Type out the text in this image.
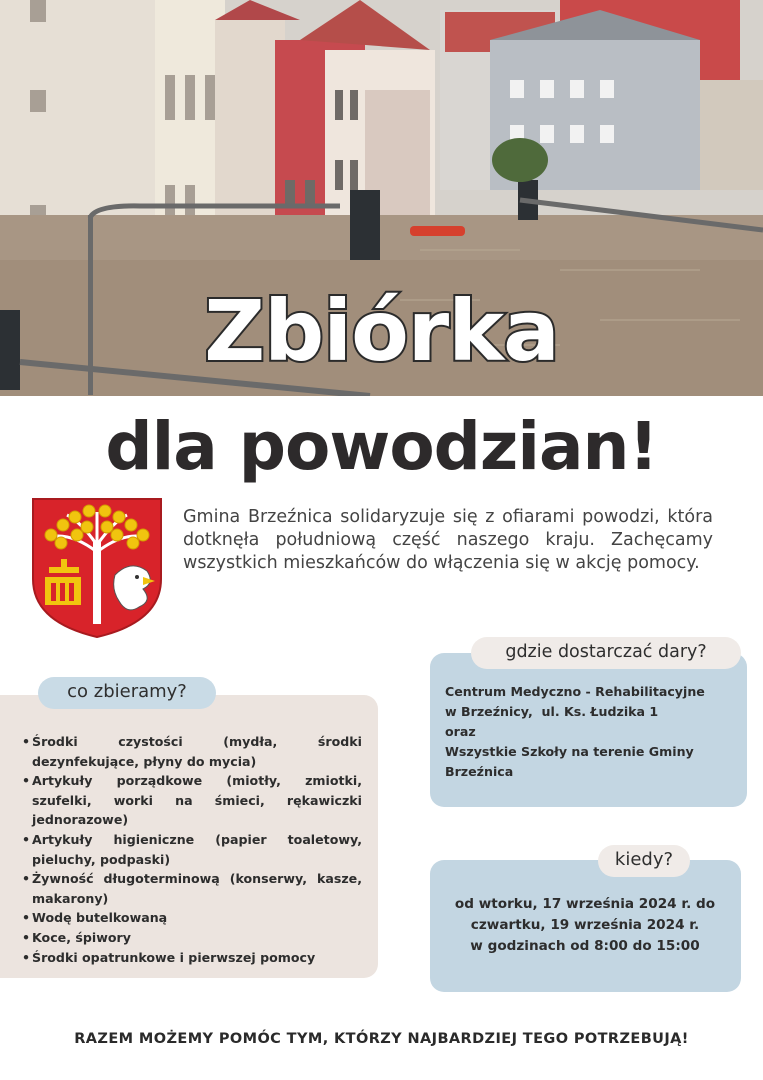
Zbiórka
dla powodzian!

Gmina Brzeźnica solidaryzuje się z ofiarami powodzi, która dotknęła południową część naszego kraju. Zachęcamy wszystkich mieszkańców do włączenia się w akcję pomocy.

co zbieramy?
• Środki czystości (mydła, środki dezynfekujące, płyny do mycia)
• Artykuły porządkowe (miotły, zmiotki, szufelki, worki na śmieci, rękawiczki jednorazowe)
• Artykuły higieniczne (papier toaletowy, pieluchy, podpaski)
• Żywność długoterminową (konserwy, kasze, makarony)
• Wodę butelkowaną
• Koce, śpiwory
• Środki opatrunkowe i pierwszej pomocy
gdzie dostarczać dary?
Centrum Medyczno - Rehabilitacyjne
w Brzeźnicy,  ul. Ks. Łudzika 1
oraz
Wszystkie Szkoły na terenie Gminy
Brzeźnica
kiedy?
od wtorku, 17 września 2024 r. do
czwartku, 19 września 2024 r.
w godzinach od 8:00 do 15:00
RAZEM MOŻEMY POMÓC TYM, KTÓRZY NAJBARDZIEJ TEGO POTRZEBUJĄ!
